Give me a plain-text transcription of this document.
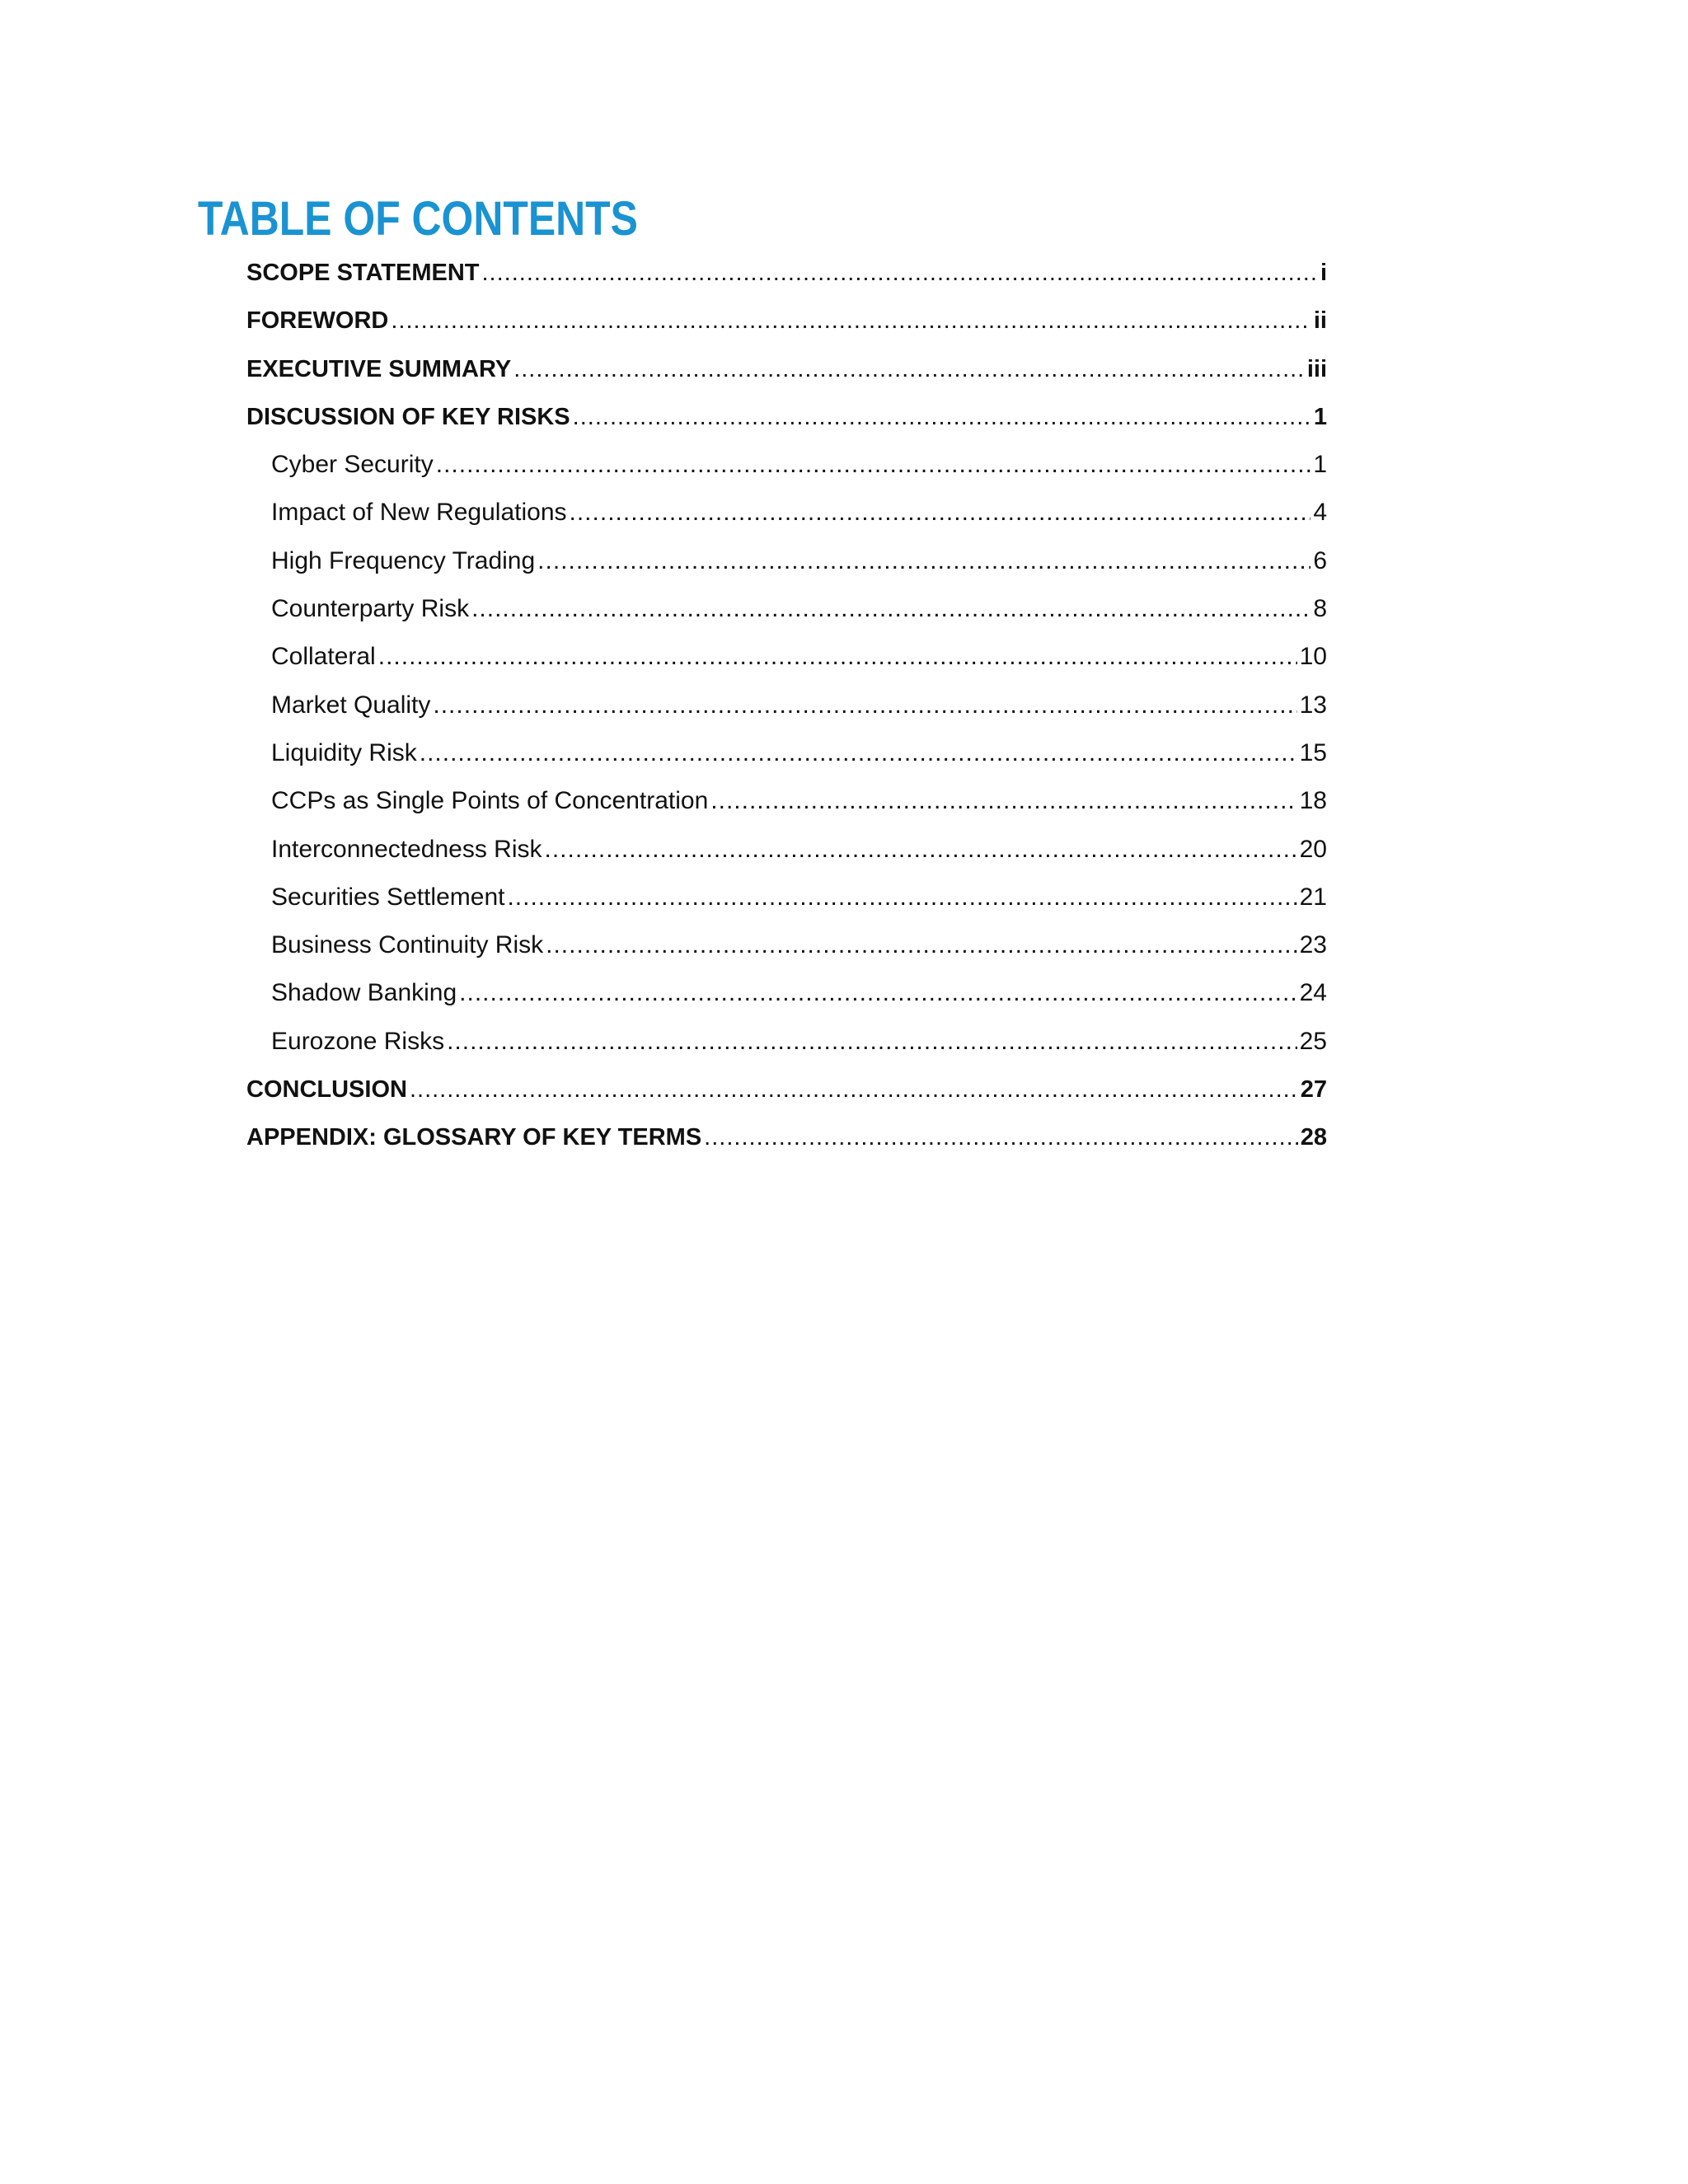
TABLE OF CONTENTS
SCOPE STATEMENT .....	i
FOREWORD .....	ii
EXECUTIVE SUMMARY .....	iii
DISCUSSION OF KEY RISKS .....	1
Cyber Security .....	1
Impact of New Regulations .....	4
High Frequency Trading .....	6
Counterparty Risk .....	8
Collateral .....	10
Market Quality .....	13
Liquidity Risk .....	15
CCPs as Single Points of Concentration .....	18
Interconnectedness Risk .....	20
Securities Settlement .....	21
Business Continuity Risk .....	23
Shadow Banking .....	24
Eurozone Risks .....	25
CONCLUSION .....	27
APPENDIX: GLOSSARY OF KEY TERMS .....	28
